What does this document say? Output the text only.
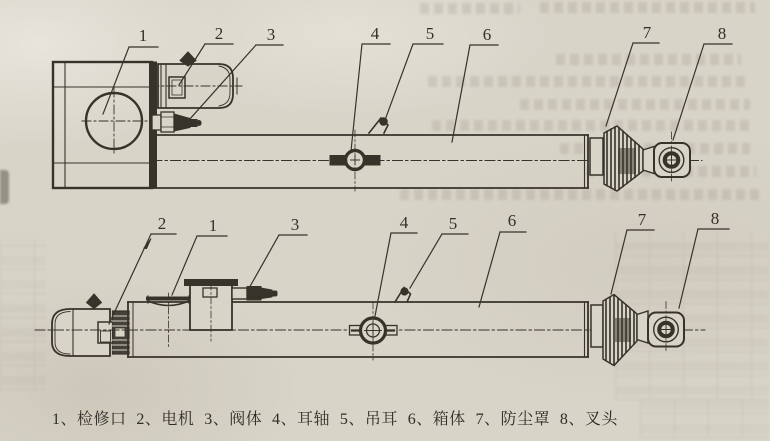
1	2	3	4	5	6	7	8
2	1	3	4 5	6	7	8
1、检修口 2、电机 3、阀体 4、耳轴 5、吊耳 6、箱体 7、防尘罩 8、叉头
